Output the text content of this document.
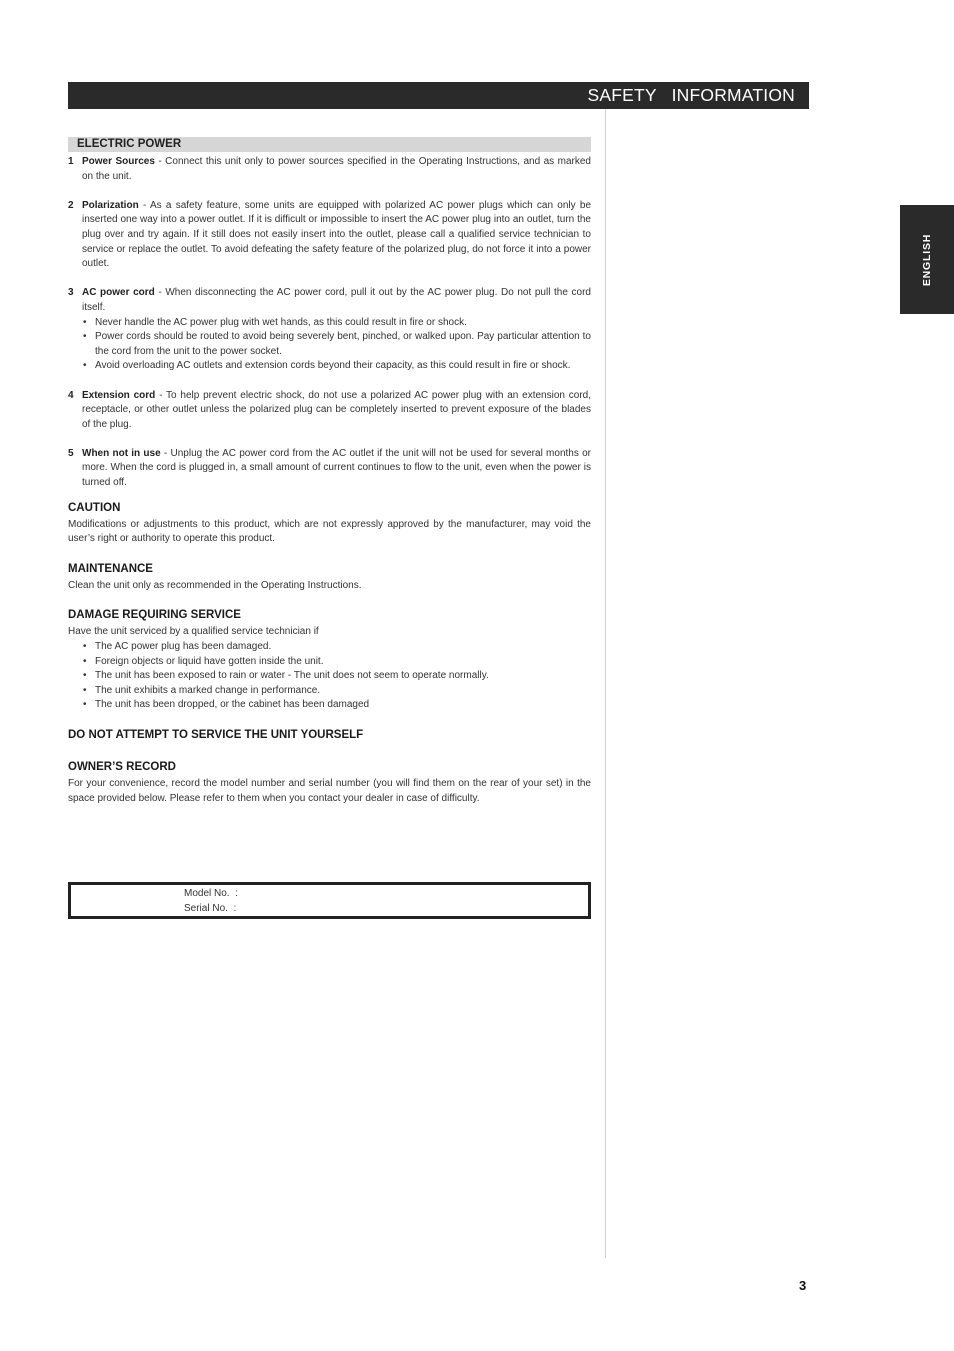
SAFETY   INFORMATION
ENGLISH
ELECTRIC POWER
1 Power Sources - Connect this unit only to power sources specified in the Operating Instructions, and as marked on the unit.
2 Polarization - As a safety feature, some units are equipped with polarized AC power plugs which can only be inserted one way into a power outlet. If it is difficult or impossible to insert the AC power plug into an outlet, turn the plug over and try again. If it still does not easily insert into the outlet, please call a qualified service technician to service or replace the outlet. To avoid defeating the safety feature of the polarized plug, do not force it into a power outlet.
3 AC power cord - When disconnecting the AC power cord, pull it out by the AC power plug. Do not pull the cord itself.
• Never handle the AC power plug with wet hands, as this could result in fire or shock.
• Power cords should be routed to avoid being severely bent, pinched, or walked upon. Pay particular attention to the cord from the unit to the power socket.
• Avoid overloading AC outlets and extension cords beyond their capacity, as this could result in fire or shock.
4 Extension cord - To help prevent electric shock, do not use a polarized AC power plug with an extension cord, receptacle, or other outlet unless the polarized plug can be completely inserted to prevent exposure of the blades of the plug.
5 When not in use - Unplug the AC power cord from the AC outlet if the unit will not be used for several months or more. When the cord is plugged in, a small amount of current continues to flow to the unit, even when the power is turned off.
CAUTION

Modifications or adjustments to this product, which are not expressly approved by the manufacturer, may void the user’s right or authority to operate this product.

MAINTENANCE

Clean the unit only as recommended in the Operating Instructions.

DAMAGE REQUIRING SERVICE

Have the unit serviced by a qualified service technician if

• The AC power plug has been damaged.
• Foreign objects or liquid have gotten inside the unit.
• The unit has been exposed to rain or water - The unit does not seem to operate normally.
• The unit exhibits a marked change in performance.
• The unit has been dropped, or the cabinet has been damaged
DO NOT ATTEMPT TO SERVICE THE UNIT YOURSELF
OWNER’S RECORD

For your convenience, record the model number and serial number (you will find them on the rear of your set) in the space provided below. Please refer to them when you contact your dealer in case of difficulty.

Model No.  :
Serial No.  :
3
